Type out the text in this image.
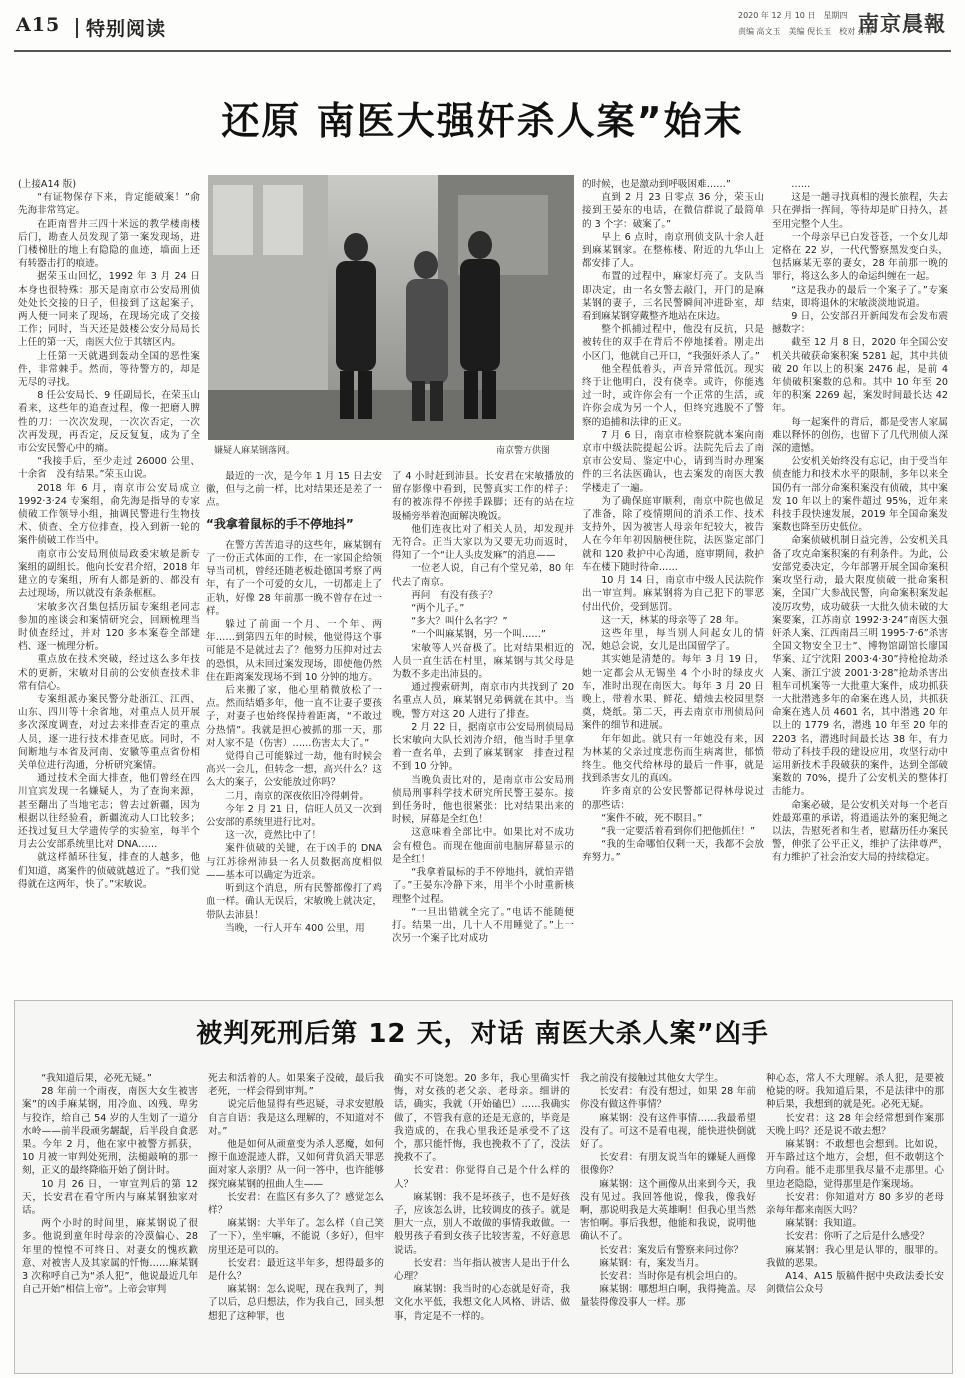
A15 特别阅读
2020 年 12 月 10 日　星期四
责编 高文玉　美编 倪长玉　校对 孙静
南京晨報
还原 南医大强奸杀人案”始末

(上接A14 版)

“有证物保存下来，肯定能破案！”俞先海非常笃定。

在距南晋井三四十米远的教学楼南楼后门，勘查人员发现了第一案发现场，进门楼梯肚的地上有隐隐的血迹，墙面上还有转器击打的痕迹。

据荣玉山回忆，1992 年 3 月 24 日本身也很特殊：那天是南京市公安局刑侦处处长交接的日子，但接到了这起案子，两人便一同来了现场，在现场完成了交接工作；同时，当天还是鼓楼公安分局局长上任的第一天，南医大位于其辖区内。

上任第一天就遇到轰动全国的恶性案件，非常棘手。然而，等待警方的，却是无尽的寻找。

8 任公安局长、9 任副局长，在荣玉山看来，这些年的追查过程，像一把磨人脾性的刀：一次次发现，一次次否定，一次次再发现，再否定，反反复复，成为了全市公安民警心中的痛。

“我接手后，至少走过 26000 公里、十余省　没有结果。”荣玉山说。

2018 年 6 月，南京市公安局成立 1992·3·24 专案组，俞先海是指导的专家侦破工作领导小组，抽调民警进行生物技术、侦查、全方位排查，投入到新一轮的案件侦破工作当中。

南京市公安局刑侦局政委宋敏是新专案组的副组长。他向长安君介绍，2018 年建立的专案组，所有人都是新的、都没有去过现场，所以就没有条条框框。

宋敏多次召集包括历届专案组老同志参加的座谈会和案情研究会，回顾梳理当时侦查经过，并对 120 多本案卷全部建档、逐一梳理分析。

重点放在技术突破，经过这么多年技术的更新，宋敏对目前的公安侦查技术非常有信心。

专案组派办案民警分赴浙江、江西、山东、四川等十余省地，对重点人员开展多次深度调查，对过去来排查否定的重点人员，逐一进行技术排查见底。同时，不间断地与本省及河南、安徽等重点省份相关单位进行沟通，分析研究案情。

通过技术全面大排查，他们曾经在四川宜宾发现一名嫌疑人，为了查询来源，甚至翻出了当地宅志；曾去过新疆，因为根据以往经验看，新疆流动人口比较多；还找过复旦大学遗传学的实验室，每半个月去公安部系统里比对 DNA……

就这样循环往复，排查的人越多，他们知道，离案件的侦破就越近了。“我们觉得就在这两年，快了。”宋敏说。

嫌疑人麻某钢落网。	南京警方供图

最近的一次，是今年 1 月 15 日去安徽，但与之前一样，比对结果还是差了一点。

“我拿着鼠标的手不停地抖”

在警方苦苦追寻的这些年，麻某钢有了一份正式体面的工作，在一家国企给领导当司机，曾经还随老板赴德国考察了两年，有了一个可爱的女儿，一切都走上了正轨，好像 28 年前那一晚不曾存在过一样。

躲过了前面一个月、一个年、两年……到第四五年的时候，他觉得这个事可能是不是就过去了？他努力压抑对过去的恐惧，从未回过案发现场，即使他仍然住在距离案发现场不到 10 分钟的地方。

后来搬了家，他心里稍微放松了一点。然而结婚多年，他一直不让妻子要孩子，对妻子也始终保持着距离，“不敢过分热情”。我就是担心被抓的那一天，那对人家不是（伤害）……伤害太大了。”

觉得自己可能躲过一劫，他有时候会高兴一会儿，但转念一想，高兴什么？这么大的案子，公安能放过你吗？

二月，南京的深夜依旧冷得刺骨。

今年 2 月 21 日，信旺人员又一次到公安部的系统里进行比对。

这一次，竟然比中了！

案件侦破的关键，在于凶手的 DNA 与江苏徐州沛县一名人员数据高度相似——基本可以确定为近亲。

听到这个消息，所有民警都像打了鸡血一样。确认无误后，宋敏晚上就决定，带队去沛县！

当晚，一行人开车 400 公里，用

了 4 小时赶到沛县。长安君在宋敏播放的留存影像中看到，民警真实工作的样子：有的被冻得不停搓手跺脚；还有的站在垃圾桶旁举着泡面解决晚饭。

他们连夜比对了相关人员，却发现并无符合。正当大家以为又要无功而返时，得知了一个“让人头皮发麻”的消息——

一位老人说，自己有个堂兄弟，80 年代去了南京。

再问　有没有孩子？

“两个儿子。”

“多大？叫什么名字？”

“一个叫麻某钢，另一个叫……”

宋敏等人兴奋极了。比对结果相近的人员一直生活在村里，麻某钢与其父母是为数不多走出沛县的。

通过搜索研判，南京市内共找到了 20 名重点人员，麻某钢兄弟俩就在其中。当晚，警方对这 20 人进行了排查。

2 月 22 日，据南京市公安局刑侦局局长宋敏向大队长刘涛介绍，他当时手里拿着一查名单，去到了麻某钢家　排查过程不到 10 分钟。

当晚负责比对的，是南京市公安局刑侦局刑事科学技术研究所民警王晏东。接到任务时，他也很紧张：比对结果出来的时候，屏幕是全红色！

这意味着全部比中。如果比对不成功会有橙色。而现在他面前电脑屏幕显示的是全红！

“我拿着鼠标的手不停地抖，就怕弄错了。”王晏东冷静下来，用半个小时重新核理整个过程。

“一旦出错就全完了。”电话不能随便打。结果一出，几十人不用睡觉了。”上一次另一个案子比对成功

的时候，也是激动到呼吸困难……”

直到 2 月 23 日零点 36 分，荣玉山接到王晏东的电话，在微信群说了最简单的 3 个字：破案了。”

早上 6 点时，南京刑侦支队十余人赶到麻某钢家。在整栋楼、附近的九华山上都安排了人。

布置的过程中，麻家灯亮了。支队当即决定，由一名女警去敲门，开门的是麻某钢的妻子，三名民警瞬间冲进卧室，却看到麻某钢穿戴整齐地站在床边。

整个抓捕过程中，他没有反抗，只是被转住的双手在背后不停地揉着。刚走出小区门，他就自己开口，“我强奸杀人了。”

他全程低着头，声音异常低沉。现实终于让他明白，没有侥幸。或许，你能逃过一时，或许你会有一个正常的生活，或许你会成为另一个人，但终究逃脱不了警察的追捕和法律的正义。

7 月 6 日，南京市检察院就本案向南京市中级法院提起公诉。法院先后去了南京市公安局、鉴定中心，请到当时办理案件的三名法医确认，也去案发的南医大教学楼走了一遍。

为了确保庭审顺利，南京中院也做足了准备，除了疫情期间的消杀工作、技术支持外，因为被害人母亲年纪较大，被告人在今年年初因脑梗住院，法医鉴定部门就和 120 救护中心沟通，庭审期间，救护车在楼下随时待命……

10 月 14 日，南京市中级人民法院作出一审宣判。麻某钢将为自己犯下的罪恶付出代价，受到惩罚。

这一天，林某的母亲等了 28 年。

这些年里，每当别人问起女儿的情况，她总会说，女儿是出国留学了。

其实她是清楚的。每年 3 月 19 日，她一定都会从无锡坐 4 个小时的绿皮火车，准时出现在南医大。每年 3 月 20 日晚上，带着水果、鲜花、蜡烛去校园里祭奠，烧纸。第二天，再去南京市刑侦局问案件的细节和进展。

年年如此。就只有一年她没有来，因为林某的父亲过度悲伤而生病离世，郁愤终生。他交代给林母的最后一件事，就是找到杀害女儿的真凶。

许多南京的公安民警都记得林母说过的那些话：

“案件不破，死不瞑目。”

“我一定要活着看到你们把他抓住！”

“我的生命哪怕仅剩一天，我都不会放弃努力。”

……

这是一趟寻找真相的漫长旅程，失去只在弹指一挥间，等待却是旷日持久，甚至用完整个人生。

一个母亲早已白发苍苍，一个女儿却定格在 22 岁，一代代警察黑发变白头，包括麻某无辜的妻女，28 年前那一晚的罪行，将这么多人的命运纠缠在一起。

“这是我办的最后一个案子了。”专案结束，即将退休的宋敏淡淡地说道。

9 日，公安部召开新闻发布会发布震撼数字：

截至 12 月 8 日，2020 年全国公安机关共破获命案积案 5281 起，其中共侦破 20 年以上的积案 2476 起，是前 4 年侦破积案数的总和。其中 10 年至 20 年的积案 2269 起，案发时间最长达 42 年。

每一起案件的背后，都是受害人家属难以释怀的创伤，也留下了几代刑侦人深深的遗憾。

公安机关始终没有忘记，由于受当年侦查能力和技术水平的限制，多年以来全国仍有一部分命案积案没有侦破，其中案发 10 年以上的案件超过 95%，近年来科技手段快速发展，2019 年全国命案发案数也降至历史低位。

命案侦破机制日益完善，公安机关具备了攻克命案积案的有利条件。为此，公安部党委决定，今年部署开展全国命案积案攻坚行动，最大限度侦破一批命案积案，全国广大参战民警，向命案积案发起凌厉攻势，成功破获一大批久侦未破的大案要案，江苏南京 1992·3·24”南医大强奸杀人案、江西南昌三明 1995·7·6”杀害全国文物安全卫士”、博物馆副馆长廖国华案、辽宁沈阳 2003·4·30”持枪抢劫杀人案、浙江宁波 2001·3·28”抢劫杀害出租车司机案等一大批重大案件，成功抓获一大批潜逃多年的命案在逃人员，共抓获命案在逃人员 4601 名，其中潜逃 20 年以上的 1779 名，潜逃 10 年至 20 年的 2203 名，潜逃时间最长达 38 年，有力带动了科技手段的建设应用，攻坚行动中运用新技术手段破获的案件，达到全部破案数的 70%，提升了公安机关的整体打击能力。

命案必破，是公安机关对每一个老百姓最郑重的承诺，将逍遥法外的案犯绳之以法，告慰死者和生者，慰藉历任办案民警，伸张了公平正义，维护了法律尊严，有力维护了社会治安大局的持续稳定。

被判死刑后第 12 天，对话 南医大杀人案”凶手

“我知道后果，必死无疑。”

28 年前一个雨夜，南医大女生被害案”的凶手麻某钢，用冷血、凶残、卑劣与狡诈，给自己 54 岁的人生划了一道分水岭——前半段顽劣龌龊，后半段自食恶果。今年 2 月，他在家中被警方抓获，10 月被一审判处死刑，法槌敲响的那一刻，正义的最终降临开始了倒计时。

10 月 26 日，一审宣判后的第 12 天，长安君在看守所内与麻某钢独家对话。

两个小时的时间里，麻某钢说了很多。他说到童年时母亲的冷漠偏心、28 年里的惶惶不可终日、对妻女的愧疚歉意、对被害人及其家属的忏悔……麻某钢 3 次称呼自己为“杀人犯”，他说最近几年自己开始“相信上帝”。上帝会审判

死去和活着的人。如果案子没破，最后我老死，一样会得到审判。”

说完后他显得有些迟疑，寻求安慰般自言自语：我是这么理解的，不知道对不对。”

他是如何从顽童变为杀人恶魔，如何擦干血迹混迹人群，又如何背负滔天罪恶面对家人亲朋？从一问一答中，也许能够探究麻某钢的扭曲人生——

长安君：在监区有多久了？感觉怎么样？

麻某钢：大半年了。怎么样（自己笑了一下），坐牢嘛，不能说（多好），但牢房里还是可以的。

长安君：最近这半年多，想得最多的是什么？

麻某钢：怎么说呢，现在我判了，判了以后，总归想法，作为我自己，回头想想犯了这种罪，也

确实不可饶恕。20 多年，我心里确实忏悔，对女孩的老父亲、老母亲。细讲的话，确实，我就（开始磕巴）……我确实做了，不管我有意的还是无意的，毕竟是我造成的，在我心里我还是承受不了这个，那只能忏悔，我也挽救不了了，没法挽救不了。

长安君：你觉得自己是个什么样的人？

麻某钢：我不是坏孩子，也不是好孩子，应该怎么讲，比较调皮的孩子。就是胆大一点，别人不敢做的事情我敢做。一般男孩子看到女孩子比较害羞，不好意思说话。

长安君：当年指认被害人是出于什么心理？

麻某钢：我当时的心态就是好奇，我文化水平低，我想文化人风格、讲话、做事，肯定是不一样的。

我之前没有接触过其他女大学生。

长安君：有没有想过，如果 28 年前你没有做这件事情？

麻某钢：没有这件事情……我最希望没有了。可这不是看电视，能快进快倒就好了。

长安君：有朋友说当年的嫌疑人画像很像你？

麻某钢：这个画像从出来到今天，我没有见过。我回答他说，像我，像我好啊，那说明我是大英雄啊！但我心里当然害怕啊。事后我想，他能和我说，说明他确认不了。

长安君：案发后有警察来问过你？

麻某钢：有，案发当月。

长安君：当时你是有机会坦白的。

麻某钢：哪想坦白啊，我得掩盖。尽量装得像没事人一样。那

种心态，常人不大理解。杀人犯，是要被枪毙的呀。我知道后果，不是法律中的那种后果，我想到的就是死。必死无疑。

长安君：这 28 年会经常想到作案那天晚上吗？还是说不敢去想？

麻某钢：不敢想也会想到。比如说，开车路过这个地方，会想，但不敢朝这个方向看。能不走那里我尽量不走那里。心里边老隐隐，觉得那里是作案现场。

长安君：你知道对方 80 多岁的老母亲每年都来南医大吗？

麻某钢：我知道。

长安君：你听了之后是什么感受？

麻某钢：我心里是认罪的，服罪的。我做的恶果。

A14、A15 版稿件据中央政法委长安剑微信公众号
